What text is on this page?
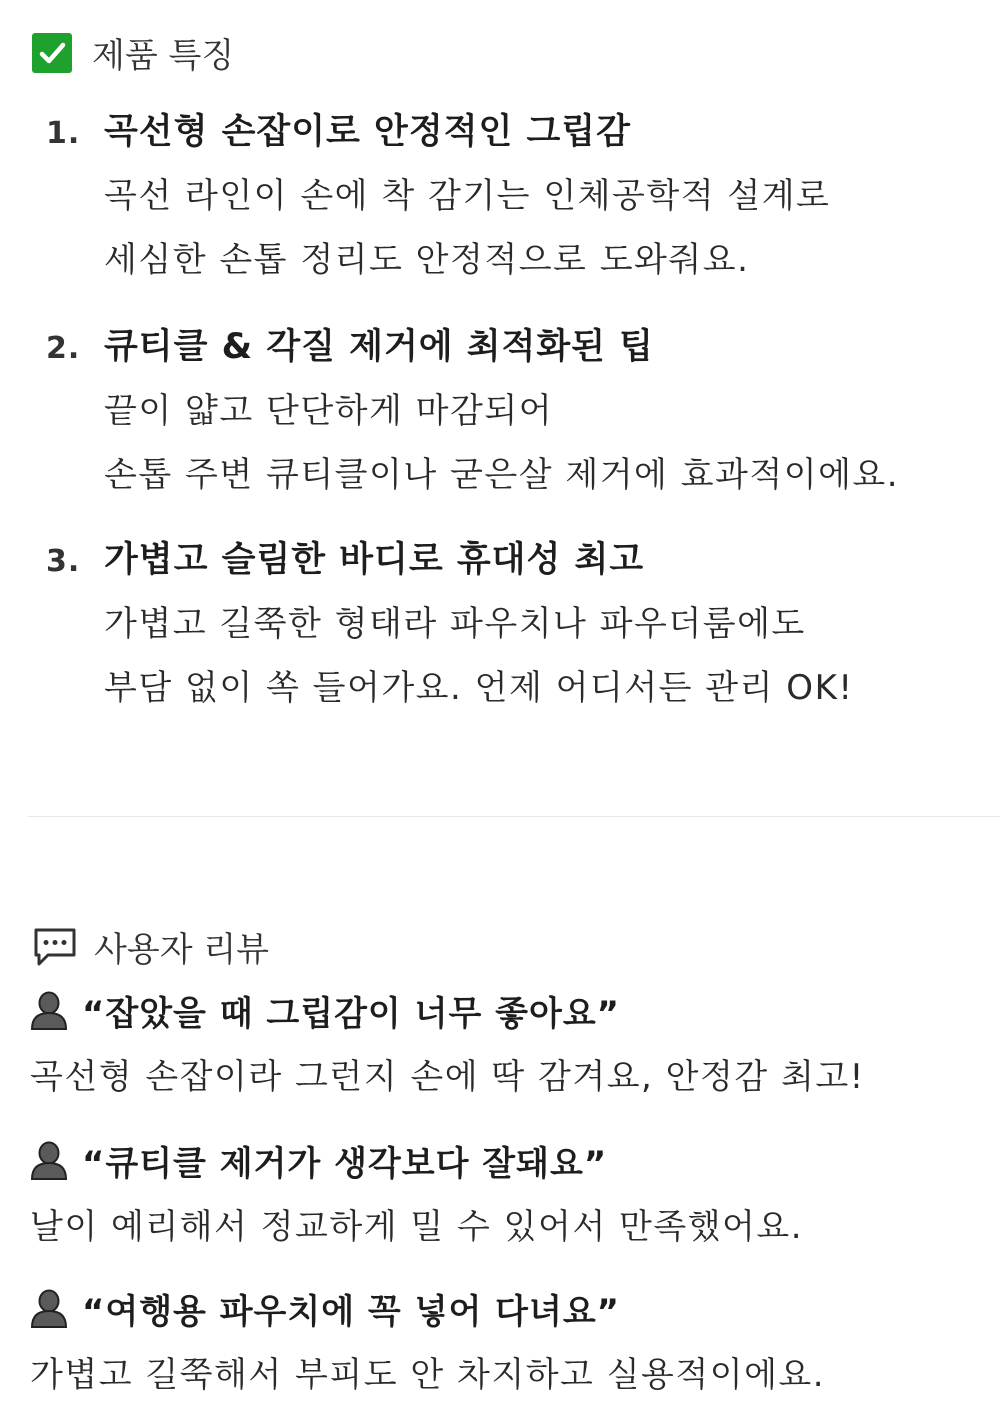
제품 특징
1. 곡선형 손잡이로 안정적인 그립감
곡선 라인이 손에 착 감기는 인체공학적 설계로
세심한 손톱 정리도 안정적으로 도와줘요.
2. 큐티클 & 각질 제거에 최적화된 팁
끝이 얇고 단단하게 마감되어
손톱 주변 큐티클이나 굳은살 제거에 효과적이에요.
3. 가볍고 슬림한 바디로 휴대성 최고
가볍고 길쭉한 형태라 파우치나 파우더룸에도
부담 없이 쏙 들어가요. 언제 어디서든 관리 OK!
사용자 리뷰
“잡았을 때 그립감이 너무 좋아요”
곡선형 손잡이라 그런지 손에 딱 감겨요, 안정감 최고!
“큐티클 제거가 생각보다 잘돼요”
날이 예리해서 정교하게 밀 수 있어서 만족했어요.
“여행용 파우치에 꼭 넣어 다녀요”
가볍고 길쭉해서 부피도 안 차지하고 실용적이에요.
